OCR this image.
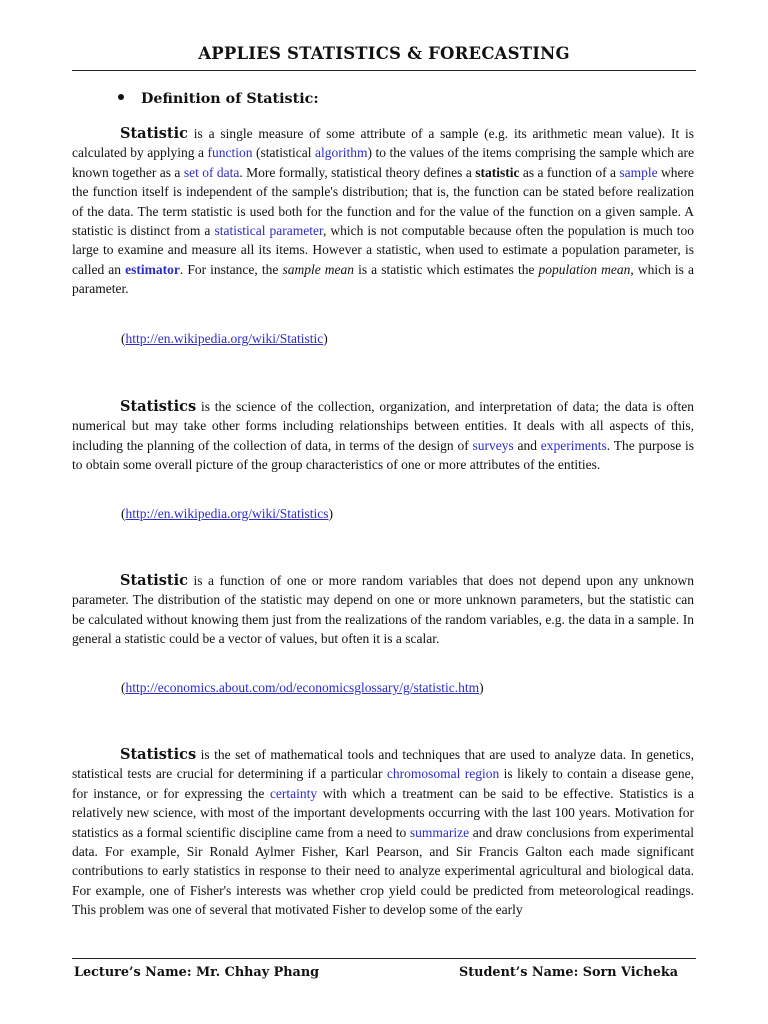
APPLIES STATISTICS & FORECASTING
Definition of Statistic:

Statistic is a single measure of some attribute of a sample (e.g. its arithmetic mean value). It is calculated by applying a function (statistical algorithm) to the values of the items comprising the sample which are known together as a set of data. More formally, statistical theory defines a statistic as a function of a sample where the function itself is independent of the sample's distribution; that is, the function can be stated before realization of the data. The term statistic is used both for the function and for the value of the function on a given sample. A statistic is distinct from a statistical parameter, which is not computable because often the population is much too large to examine and measure all its items. However a statistic, when used to estimate a population parameter, is called an estimator. For instance, the sample mean is a statistic which estimates the population mean, which is a parameter.

(http://en.wikipedia.org/wiki/Statistic)

Statistics is the science of the collection, organization, and interpretation of data; the data is often numerical but may take other forms including relationships between entities. It deals with all aspects of this, including the planning of the collection of data, in terms of the design of surveys and experiments. The purpose is to obtain some overall picture of the group characteristics of one or more attributes of the entities.

(http://en.wikipedia.org/wiki/Statistics)

Statistic is a function of one or more random variables that does not depend upon any unknown parameter. The distribution of the statistic may depend on one or more unknown parameters, but the statistic can be calculated without knowing them just from the realizations of the random variables, e.g. the data in a sample. In general a statistic could be a vector of values, but often it is a scalar.

(http://economics.about.com/od/economicsglossary/g/statistic.htm)

Statistics is the set of mathematical tools and techniques that are used to analyze data. In genetics, statistical tests are crucial for determining if a particular chromosomal region is likely to contain a disease gene, for instance, or for expressing the certainty with which a treatment can be said to be effective. Statistics is a relatively new science, with most of the important developments occurring with the last 100 years. Motivation for statistics as a formal scientific discipline came from a need to summarize and draw conclusions from experimental data. For example, Sir Ronald Aylmer Fisher, Karl Pearson, and Sir Francis Galton each made significant contributions to early statistics in response to their need to analyze experimental agricultural and biological data. For example, one of Fisher's interests was whether crop yield could be predicted from meteorological readings. This problem was one of several that motivated Fisher to develop some of the early

Lecture’s Name: Mr. Chhay Phang	Student’s Name: Sorn Vicheka
